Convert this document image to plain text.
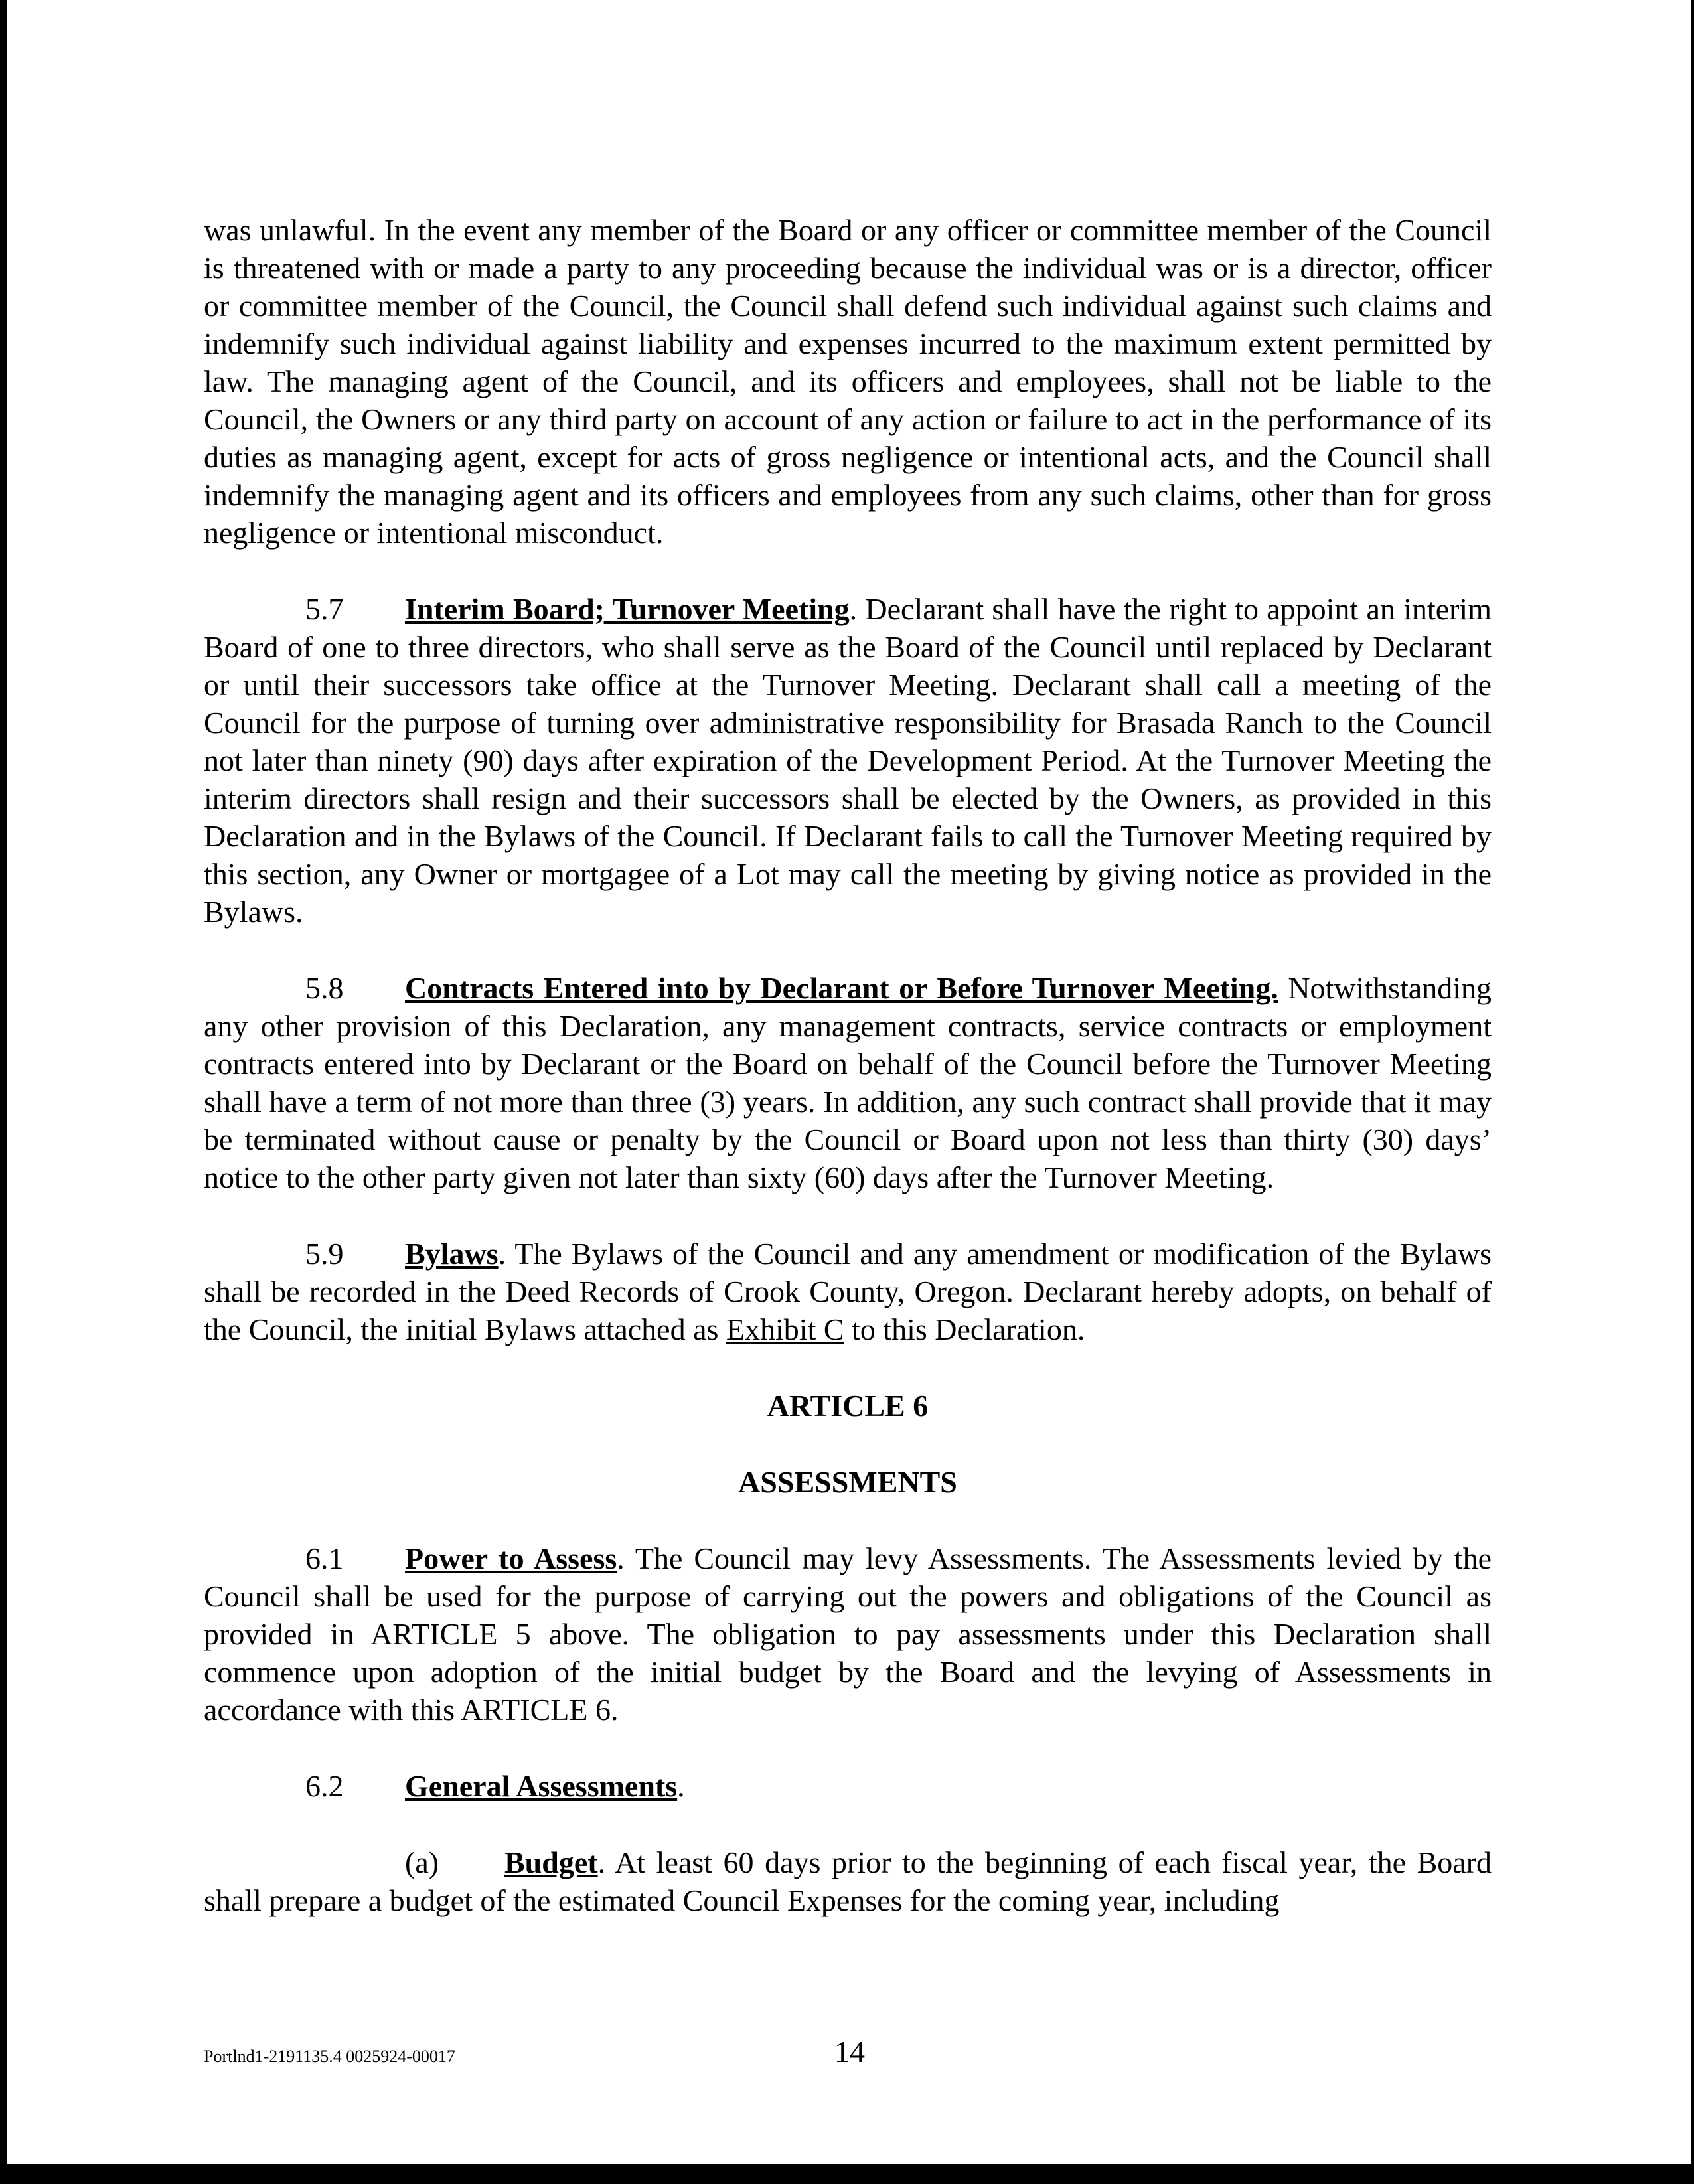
was unlawful. In the event any member of the Board or any officer or committee member of the Council is threatened with or made a party to any proceeding because the individual was or is a director, officer or committee member of the Council, the Council shall defend such individual against such claims and indemnify such individual against liability and expenses incurred to the maximum extent permitted by law. The managing agent of the Council, and its officers and employees, shall not be liable to the Council, the Owners or any third party on account of any action or failure to act in the performance of its duties as managing agent, except for acts of gross negligence or intentional acts, and the Council shall indemnify the managing agent and its officers and employees from any such claims, other than for gross negligence or intentional misconduct.

5.7 Interim Board; Turnover Meeting. Declarant shall have the right to appoint an interim Board of one to three directors, who shall serve as the Board of the Council until replaced by Declarant or until their successors take office at the Turnover Meeting. Declarant shall call a meeting of the Council for the purpose of turning over administrative responsibility for Brasada Ranch to the Council not later than ninety (90) days after expiration of the Development Period. At the Turnover Meeting the interim directors shall resign and their successors shall be elected by the Owners, as provided in this Declaration and in the Bylaws of the Council. If Declarant fails to call the Turnover Meeting required by this section, any Owner or mortgagee of a Lot may call the meeting by giving notice as provided in the Bylaws.

5.8 Contracts Entered into by Declarant or Before Turnover Meeting. Notwithstanding any other provision of this Declaration, any management contracts, service contracts or employment contracts entered into by Declarant or the Board on behalf of the Council before the Turnover Meeting shall have a term of not more than three (3) years. In addition, any such contract shall provide that it may be terminated without cause or penalty by the Council or Board upon not less than thirty (30) days’ notice to the other party given not later than sixty (60) days after the Turnover Meeting.

5.9 Bylaws. The Bylaws of the Council and any amendment or modification of the Bylaws shall be recorded in the Deed Records of Crook County, Oregon. Declarant hereby adopts, on behalf of the Council, the initial Bylaws attached as Exhibit C to this Declaration.

ARTICLE 6

ASSESSMENTS

6.1 Power to Assess. The Council may levy Assessments. The Assessments levied by the Council shall be used for the purpose of carrying out the powers and obligations of the Council as provided in ARTICLE 5 above. The obligation to pay assessments under this Declaration shall commence upon adoption of the initial budget by the Board and the levying of Assessments in accordance with this ARTICLE 6.

6.2 General Assessments.

(a) Budget. At least 60 days prior to the beginning of each fiscal year, the Board shall prepare a budget of the estimated Council Expenses for the coming year, including

Portlnd1-2191135.4 0025924-00017	14
